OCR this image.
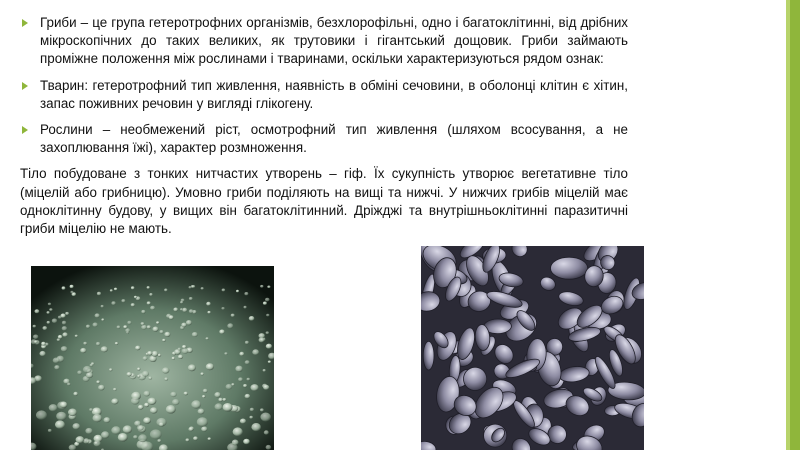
Гриби – це група гетеротрофних організмів, безхлорофільні, одно і багатоклітинні, від дрібних мікроскопічних до таких великих, як трутовики і гігантський дощовик. Гриби займають проміжне положення між рослинами і тваринами, оскільки характеризуються рядом ознак:
Тварин: гетеротрофний тип живлення, наявність в обміні сечовини, в оболонці клітин є хітин, запас поживних речовин у вигляді глікогену.
Рослини – необмежений ріст, осмотрофний тип живлення (шляхом всосування, а не захоплювання їжі), характер розмноження.

Тіло побудоване з тонких нитчастих утворень – гіф. Їх сукупність утворює вегетативне тіло (міцелій або грибницю). Умовно гриби поділяють на вищі та нижчі. У нижчих грибів міцелій має одноклітинну будову, у вищих він багатоклітинний. Дріжджі та внутрішньоклітинні паразитичні гриби міцелію не мають.
